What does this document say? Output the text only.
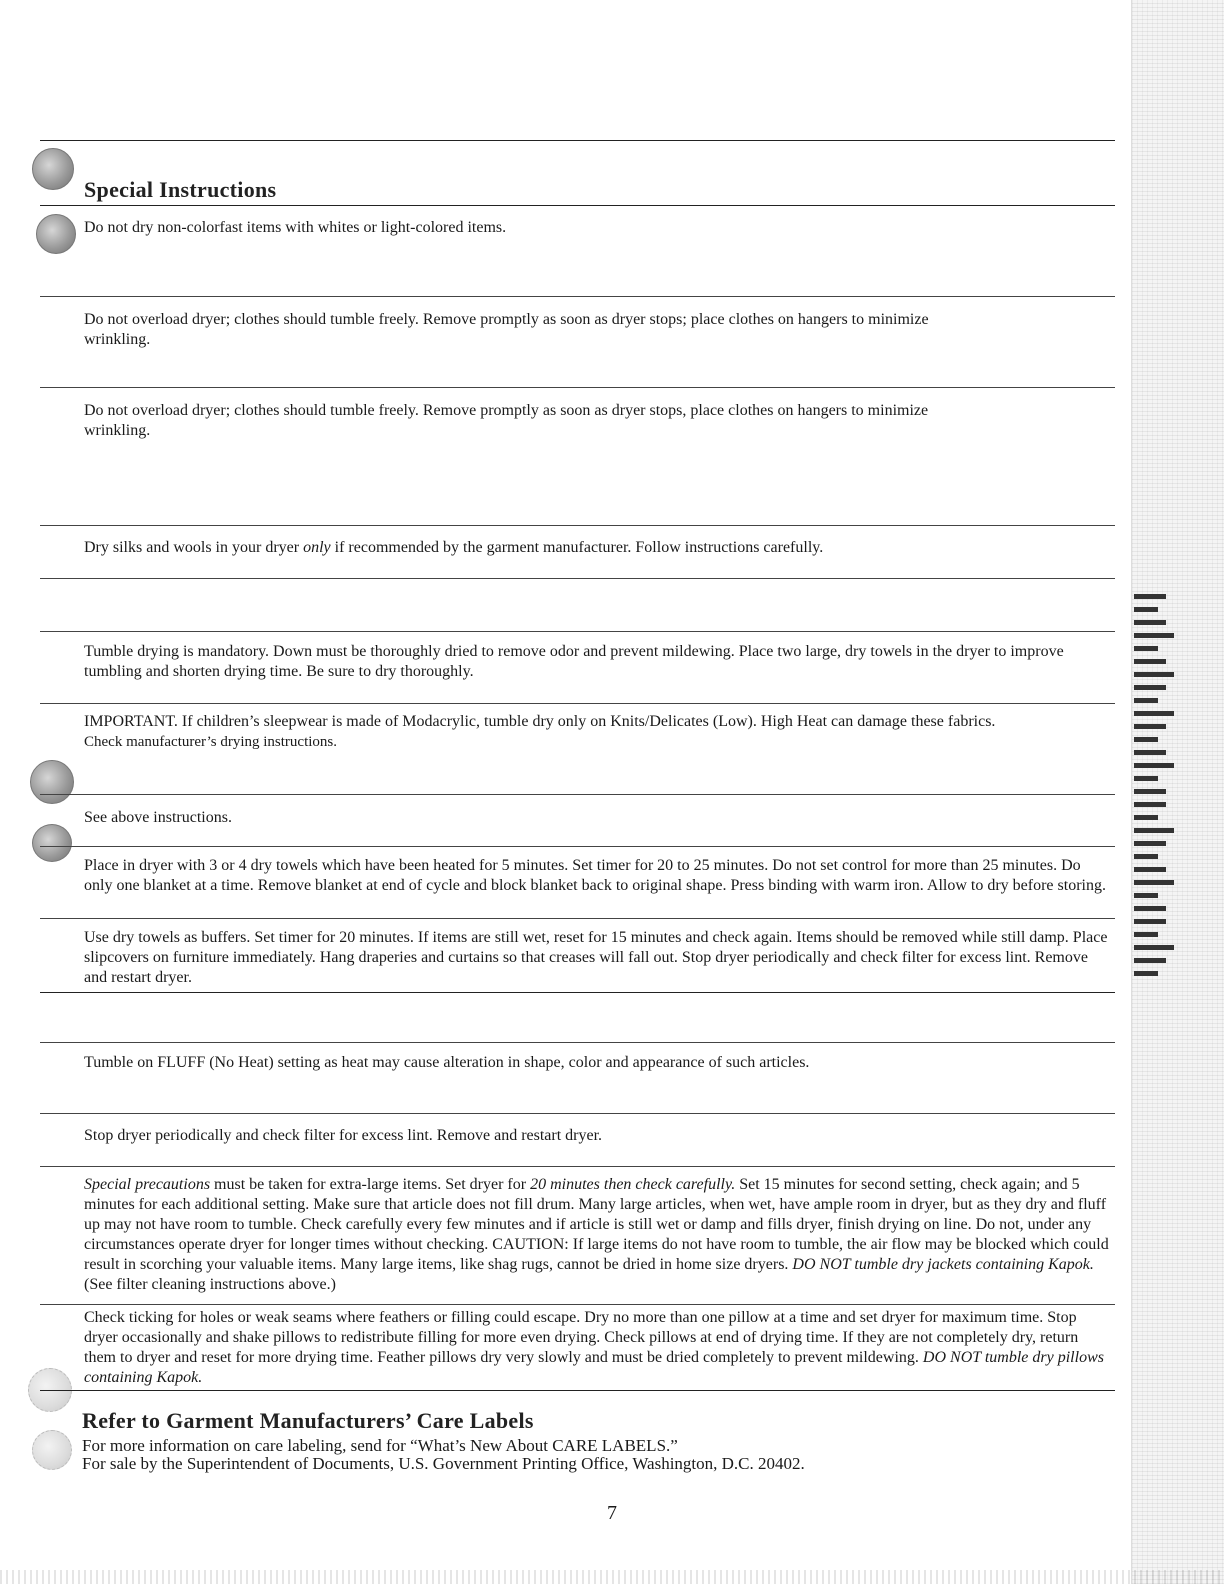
Special Instructions
Do not dry non-colorfast items with whites or light-colored items.
Do not overload dryer; clothes should tumble freely. Remove promptly as soon as dryer stops; place clothes on hangers to minimize wrinkling.
Do not overload dryer; clothes should tumble freely. Remove promptly as soon as dryer stops, place clothes on hangers to minimize wrinkling.
Dry silks and wools in your dryer only if recommended by the garment manufacturer. Follow instructions carefully.
Tumble drying is mandatory. Down must be thoroughly dried to remove odor and prevent mildewing. Place two large, dry towels in the dryer to improve tumbling and shorten drying time. Be sure to dry thoroughly.
IMPORTANT. If children’s sleepwear is made of Modacrylic, tumble dry only on Knits/Delicates (Low). High Heat can damage these fabrics.
Check manufacturer’s drying instructions.
See above instructions.
Place in dryer with 3 or 4 dry towels which have been heated for 5 minutes. Set timer for 20 to 25 minutes. Do not set control for more than 25 minutes. Do only one blanket at a time. Remove blanket at end of cycle and block blanket back to original shape. Press binding with warm iron. Allow to dry before storing.
Use dry towels as buffers. Set timer for 20 minutes. If items are still wet, reset for 15 minutes and check again. Items should be removed while still damp. Place slipcovers on furniture immediately. Hang draperies and curtains so that creases will fall out. Stop dryer periodically and check filter for excess lint. Remove and restart dryer.
Tumble on FLUFF (No Heat) setting as heat may cause alteration in shape, color and appearance of such articles.
Stop dryer periodically and check filter for excess lint. Remove and restart dryer.
Special precautions must be taken for extra-large items. Set dryer for 20 minutes then check carefully. Set 15 minutes for second setting, check again; and 5 minutes for each additional setting. Make sure that article does not fill drum. Many large articles, when wet, have ample room in dryer, but as they dry and fluff up may not have room to tumble. Check carefully every few minutes and if article is still wet or damp and fills dryer, finish drying on line. Do not, under any circumstances operate dryer for longer times without checking. CAUTION: If large items do not have room to tumble, the air flow may be blocked which could result in scorching your valuable items. Many large items, like shag rugs, cannot be dried in home size dryers. DO NOT tumble dry jackets containing Kapok. (See filter cleaning instructions above.)
Check ticking for holes or weak seams where feathers or filling could escape. Dry no more than one pillow at a time and set dryer for maximum time. Stop dryer occasionally and shake pillows to redistribute filling for more even drying. Check pillows at end of drying time. If they are not completely dry, return them to dryer and reset for more drying time. Feather pillows dry very slowly and must be dried completely to prevent mildewing. DO NOT tumble dry pillows containing Kapok.
Refer to Garment Manufacturers’ Care Labels
For more information on care labeling, send for “What’s New About CARE LABELS.”
For sale by the Superintendent of Documents, U.S. Government Printing Office, Washington, D.C. 20402.
7
